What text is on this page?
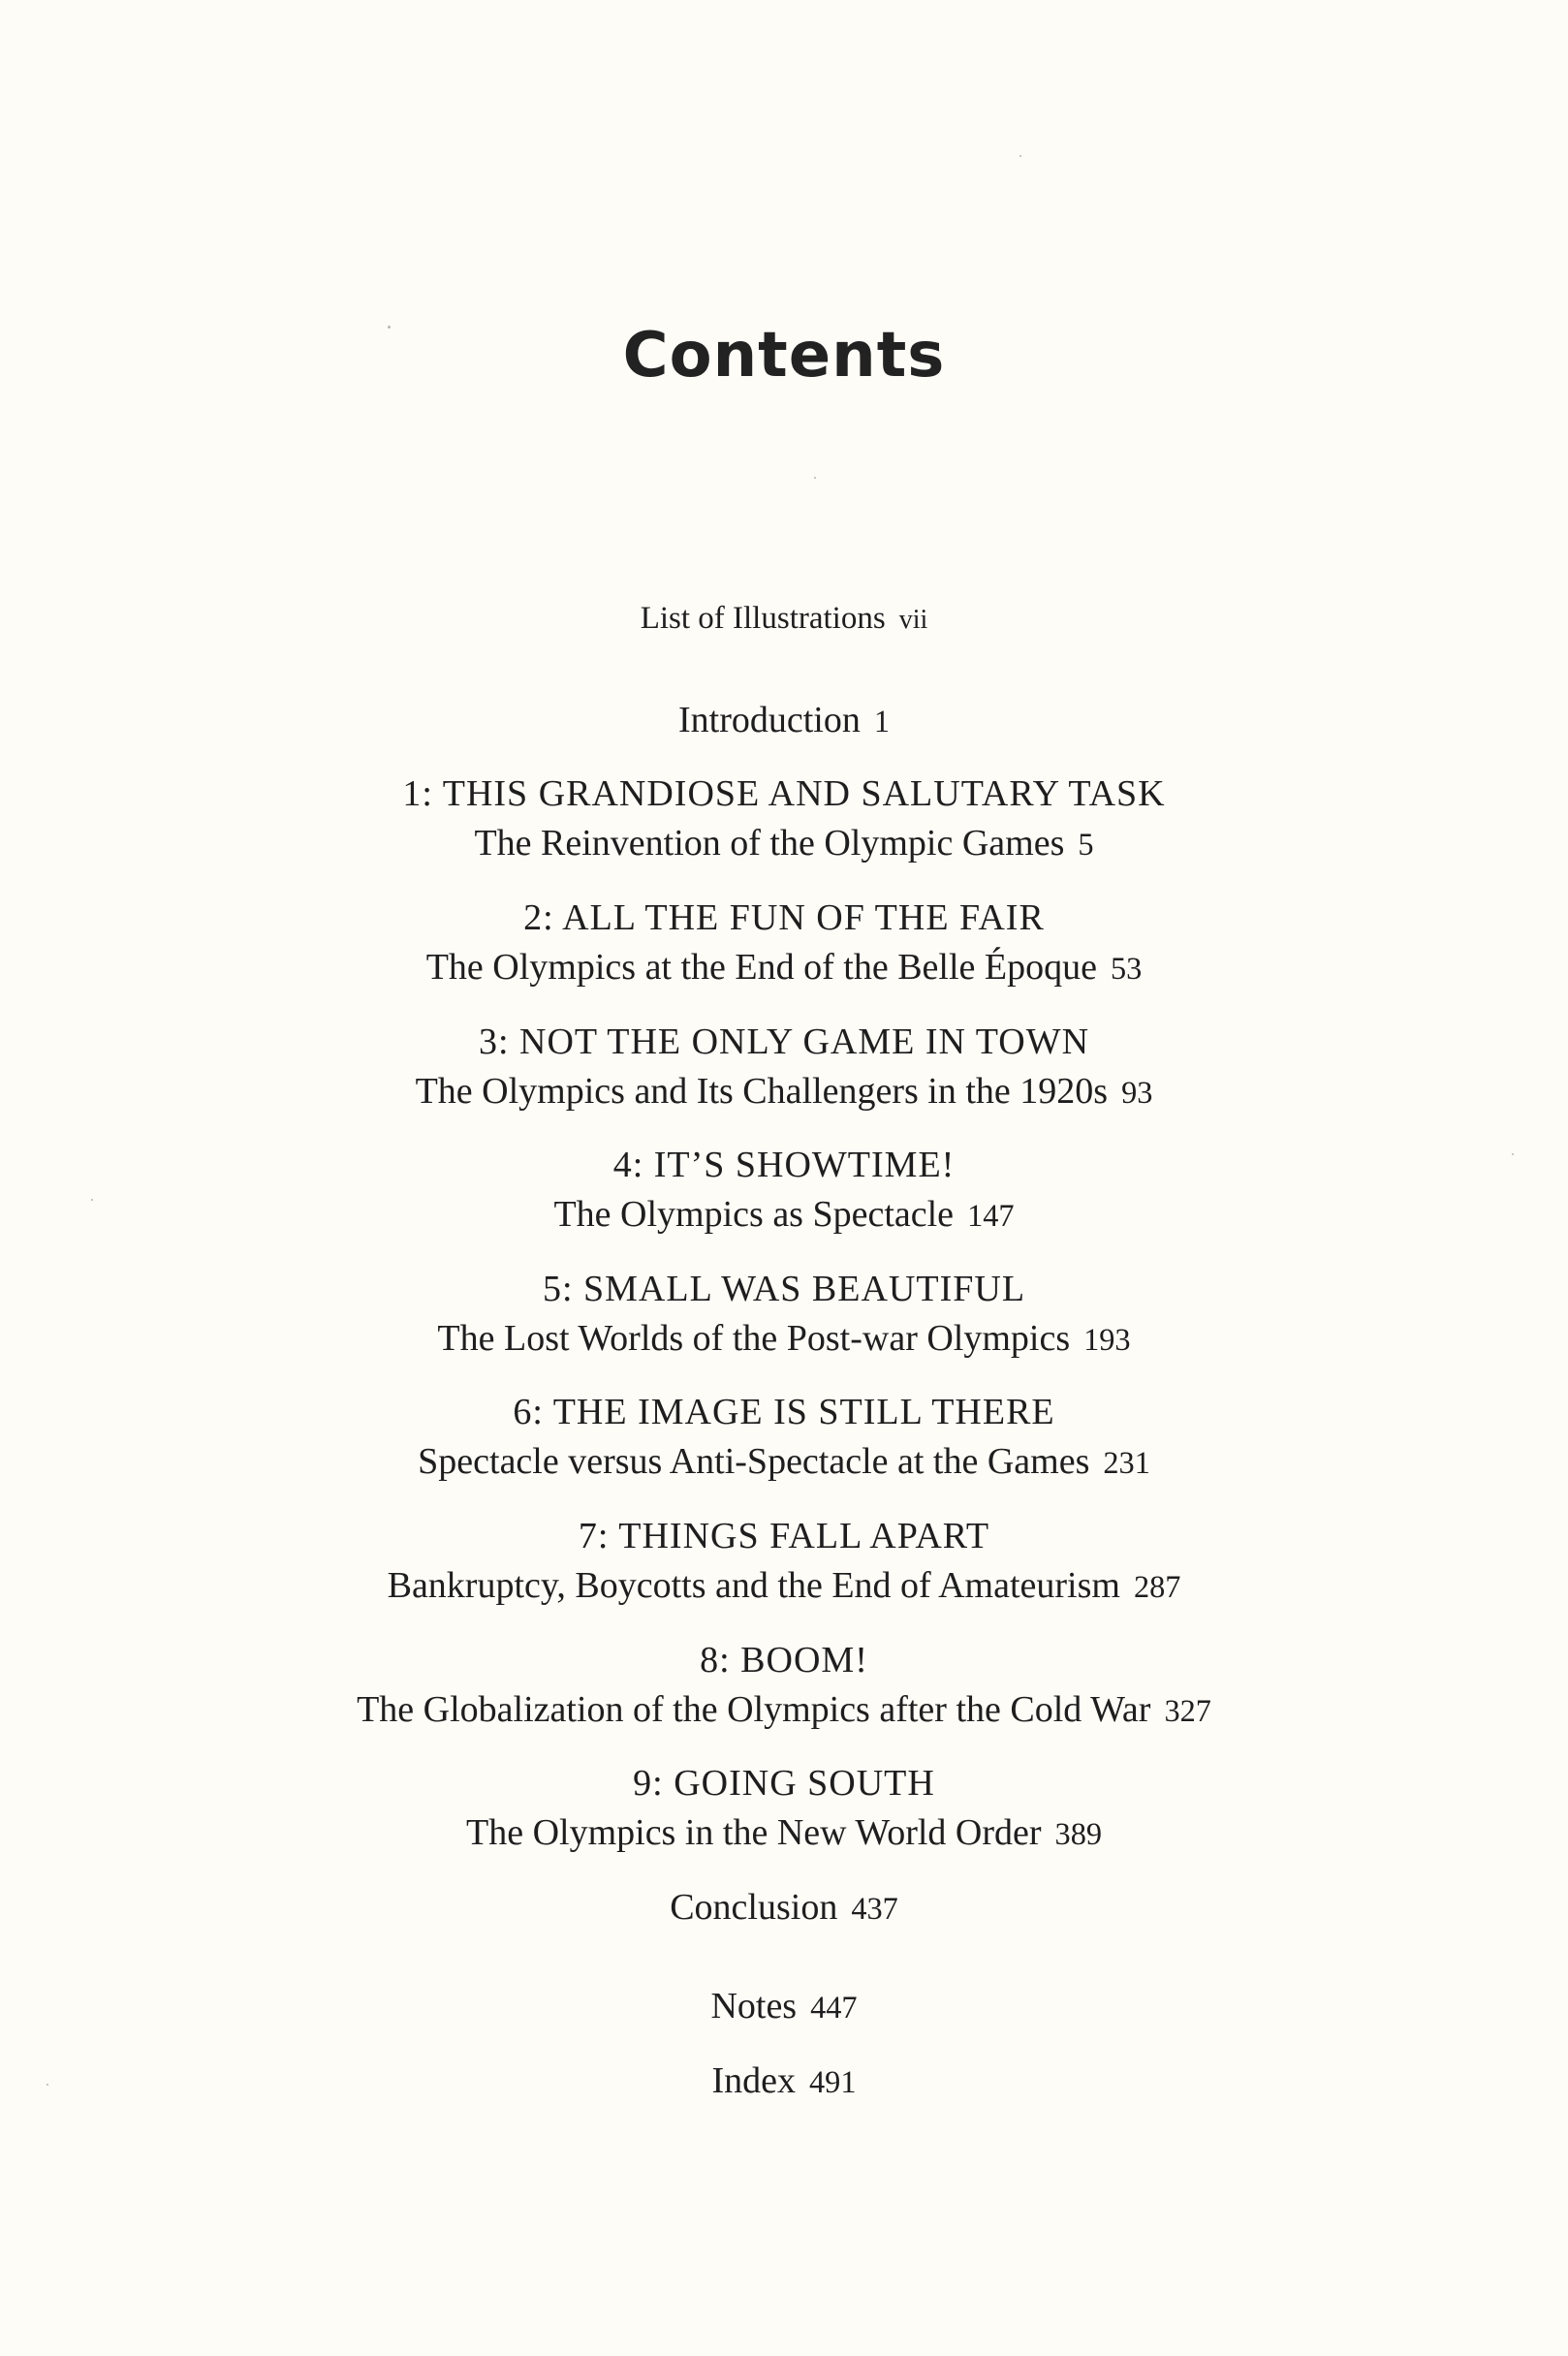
Contents
List of Illustrations vii
Introduction 1
1: THIS GRANDIOSE AND SALUTARY TASK
The Reinvention of the Olympic Games 5
2: ALL THE FUN OF THE FAIR
The Olympics at the End of the Belle Époque 53
3: NOT THE ONLY GAME IN TOWN
The Olympics and Its Challengers in the 1920s 93
4: IT’S SHOWTIME!
The Olympics as Spectacle 147
5: SMALL WAS BEAUTIFUL
The Lost Worlds of the Post-war Olympics 193
6: THE IMAGE IS STILL THERE
Spectacle versus Anti-Spectacle at the Games 231
7: THINGS FALL APART
Bankruptcy, Boycotts and the End of Amateurism 287
8: BOOM!
The Globalization of the Olympics after the Cold War 327
9: GOING SOUTH
The Olympics in the New World Order 389
Conclusion 437
Notes 447
Index 491
